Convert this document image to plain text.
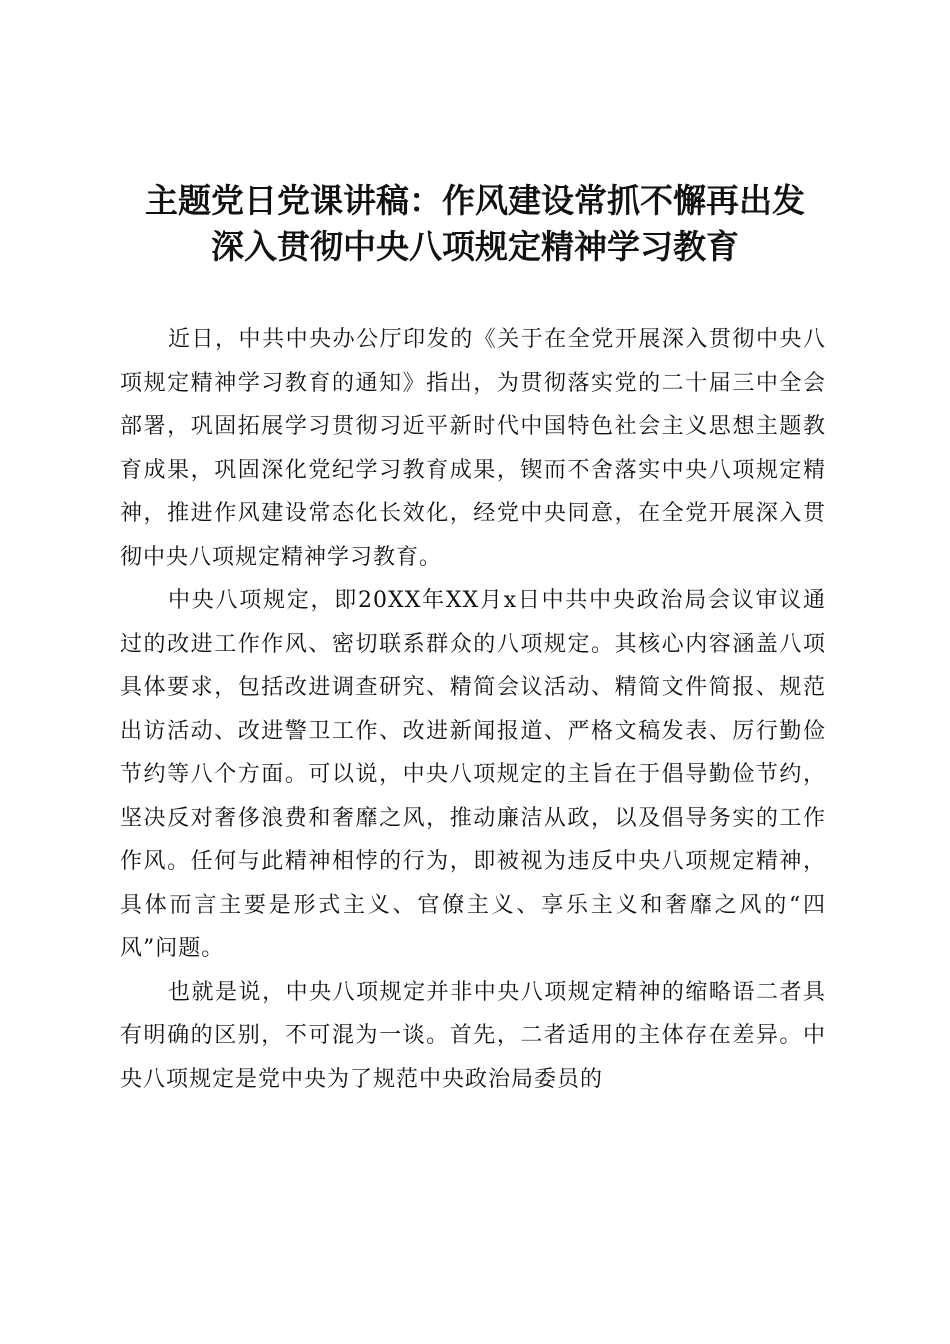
主题党日党课讲稿：作风建设常抓不懈再出发
深入贯彻中央八项规定精神学习教育

近日，中共中央办公厅印发的《关于在全党开展深入贯彻中央八项规定精神学习教育的通知》指出，为贯彻落实党的二十届三中全会部署，巩固拓展学习贯彻习近平新时代中国特色社会主义思想主题教育成果，巩固深化党纪学习教育成果，锲而不舍落实中央八项规定精神，推进作风建设常态化长效化，经党中央同意，在全党开展深入贯彻中央八项规定精神学习教育。

中央八项规定，即20XX年XX月x日中共中央政治局会议审议通过的改进工作作风、密切联系群众的八项规定。其核心内容涵盖八项具体要求，包括改进调查研究、精简会议活动、精简文件简报、规范出访活动、改进警卫工作、改进新闻报道、严格文稿发表、厉行勤俭节约等八个方面。可以说，中央八项规定的主旨在于倡导勤俭节约，坚决反对奢侈浪费和奢靡之风，推动廉洁从政，以及倡导务实的工作作风。任何与此精神相悖的行为，即被视为违反中央八项规定精神，具体而言主要是形式主义、官僚主义、享乐主义和奢靡之风的“四风”问题。

也就是说，中央八项规定并非中央八项规定精神的缩略语二者具有明确的区别，不可混为一谈。首先，二者适用的主体存在差异。中央八项规定是党中央为了规范中央政治局委员的
